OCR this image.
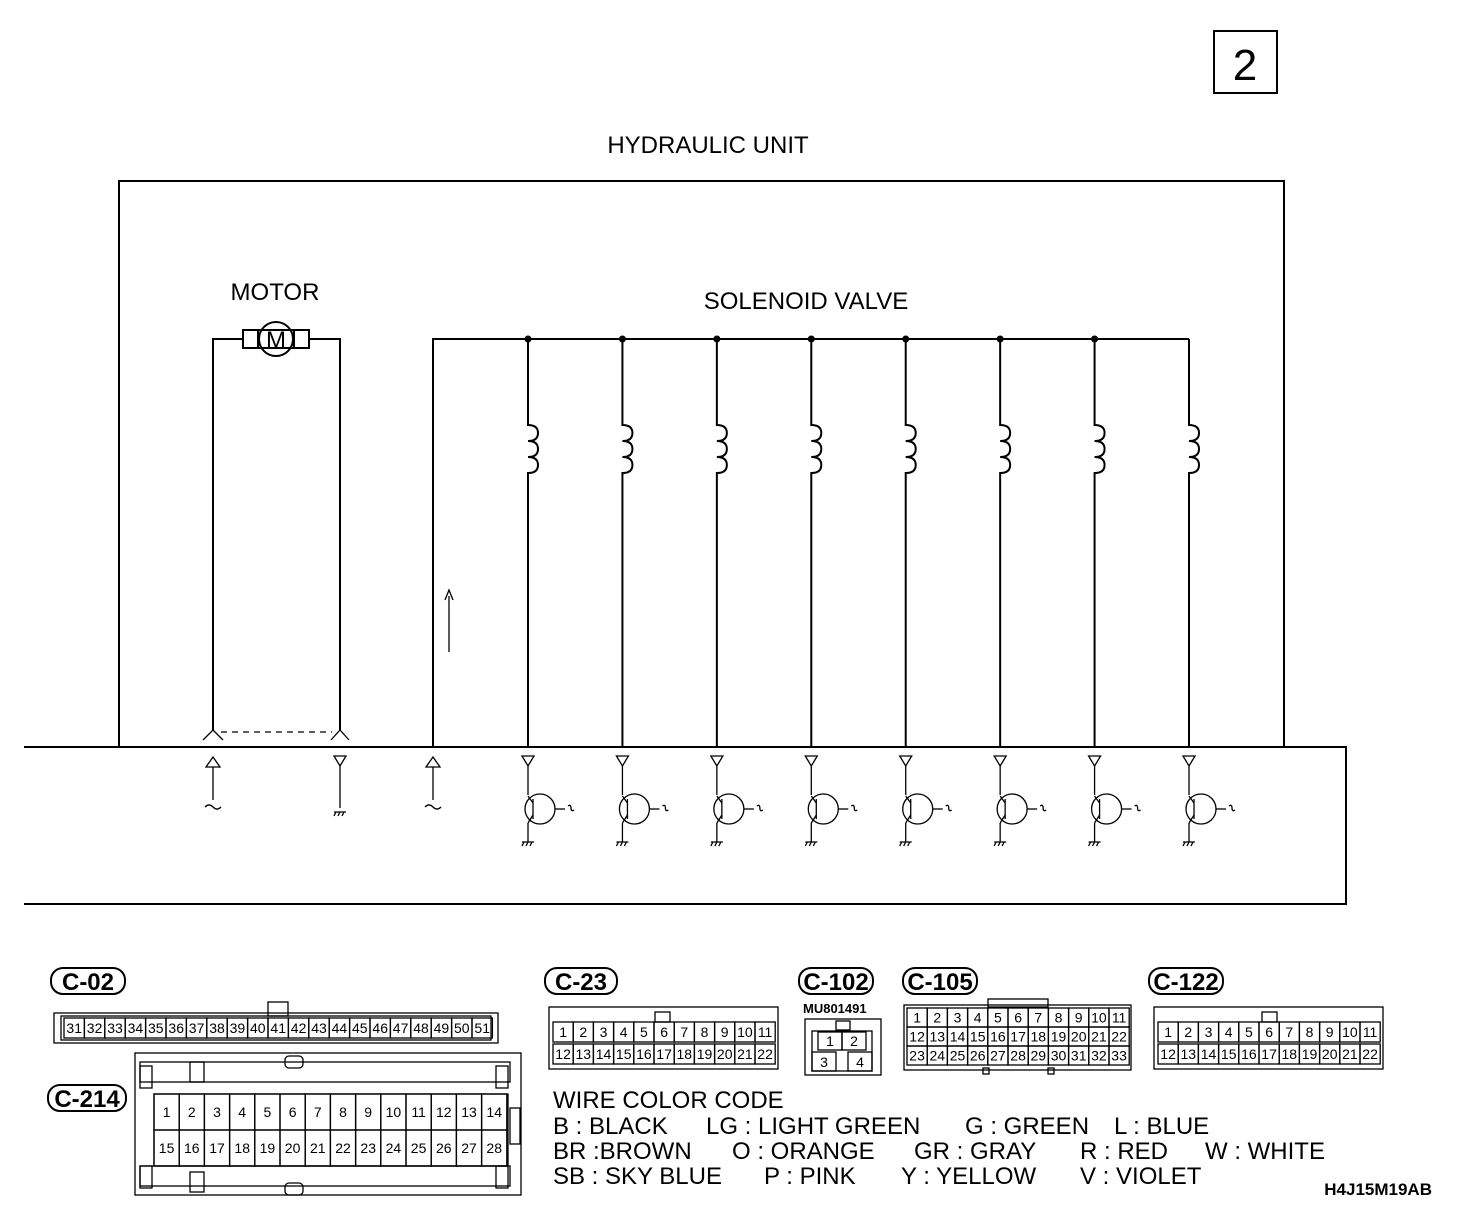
2
HYDRAULIC UNIT
MOTOR
M
SOLENOID VALVE
C-02
31 32 33 34 35 36 37 38 39 40 41 42 43 44 45 46 47 48 49 50 51
C-214	1 2 3 4 5 6 7 8 9 10 11 12 13 14
15 16 17 18 19 20 21 22 23 24 25 26 27 28
C-23
1 2 3 4 5 6 7 8 9 10 11
12 13 14 15 16 17 18 19 20 21 22
C-102
MU801491
1 2
3 4
C-105
1 2 3 4 5 6 7 8 9 10 11
12 13 14 15 16 17 18 19 20 21 22
23 24 25 26 27 28 29 30 31 32 33
C-122
1 2 3 4 5 6 7 8 9 10 11
12 13 14 15 16 17 18 19 20 21 22
WIRE COLOR CODE
B : BLACK LG : LIGHT GREEN G : GREEN L : BLUE
BR :BROWN O : ORANGE GR : GRAY R : RED W : WHITE
SB : SKY BLUE P : PINK Y : YELLOW V : VIOLET	H4J15M19AB
